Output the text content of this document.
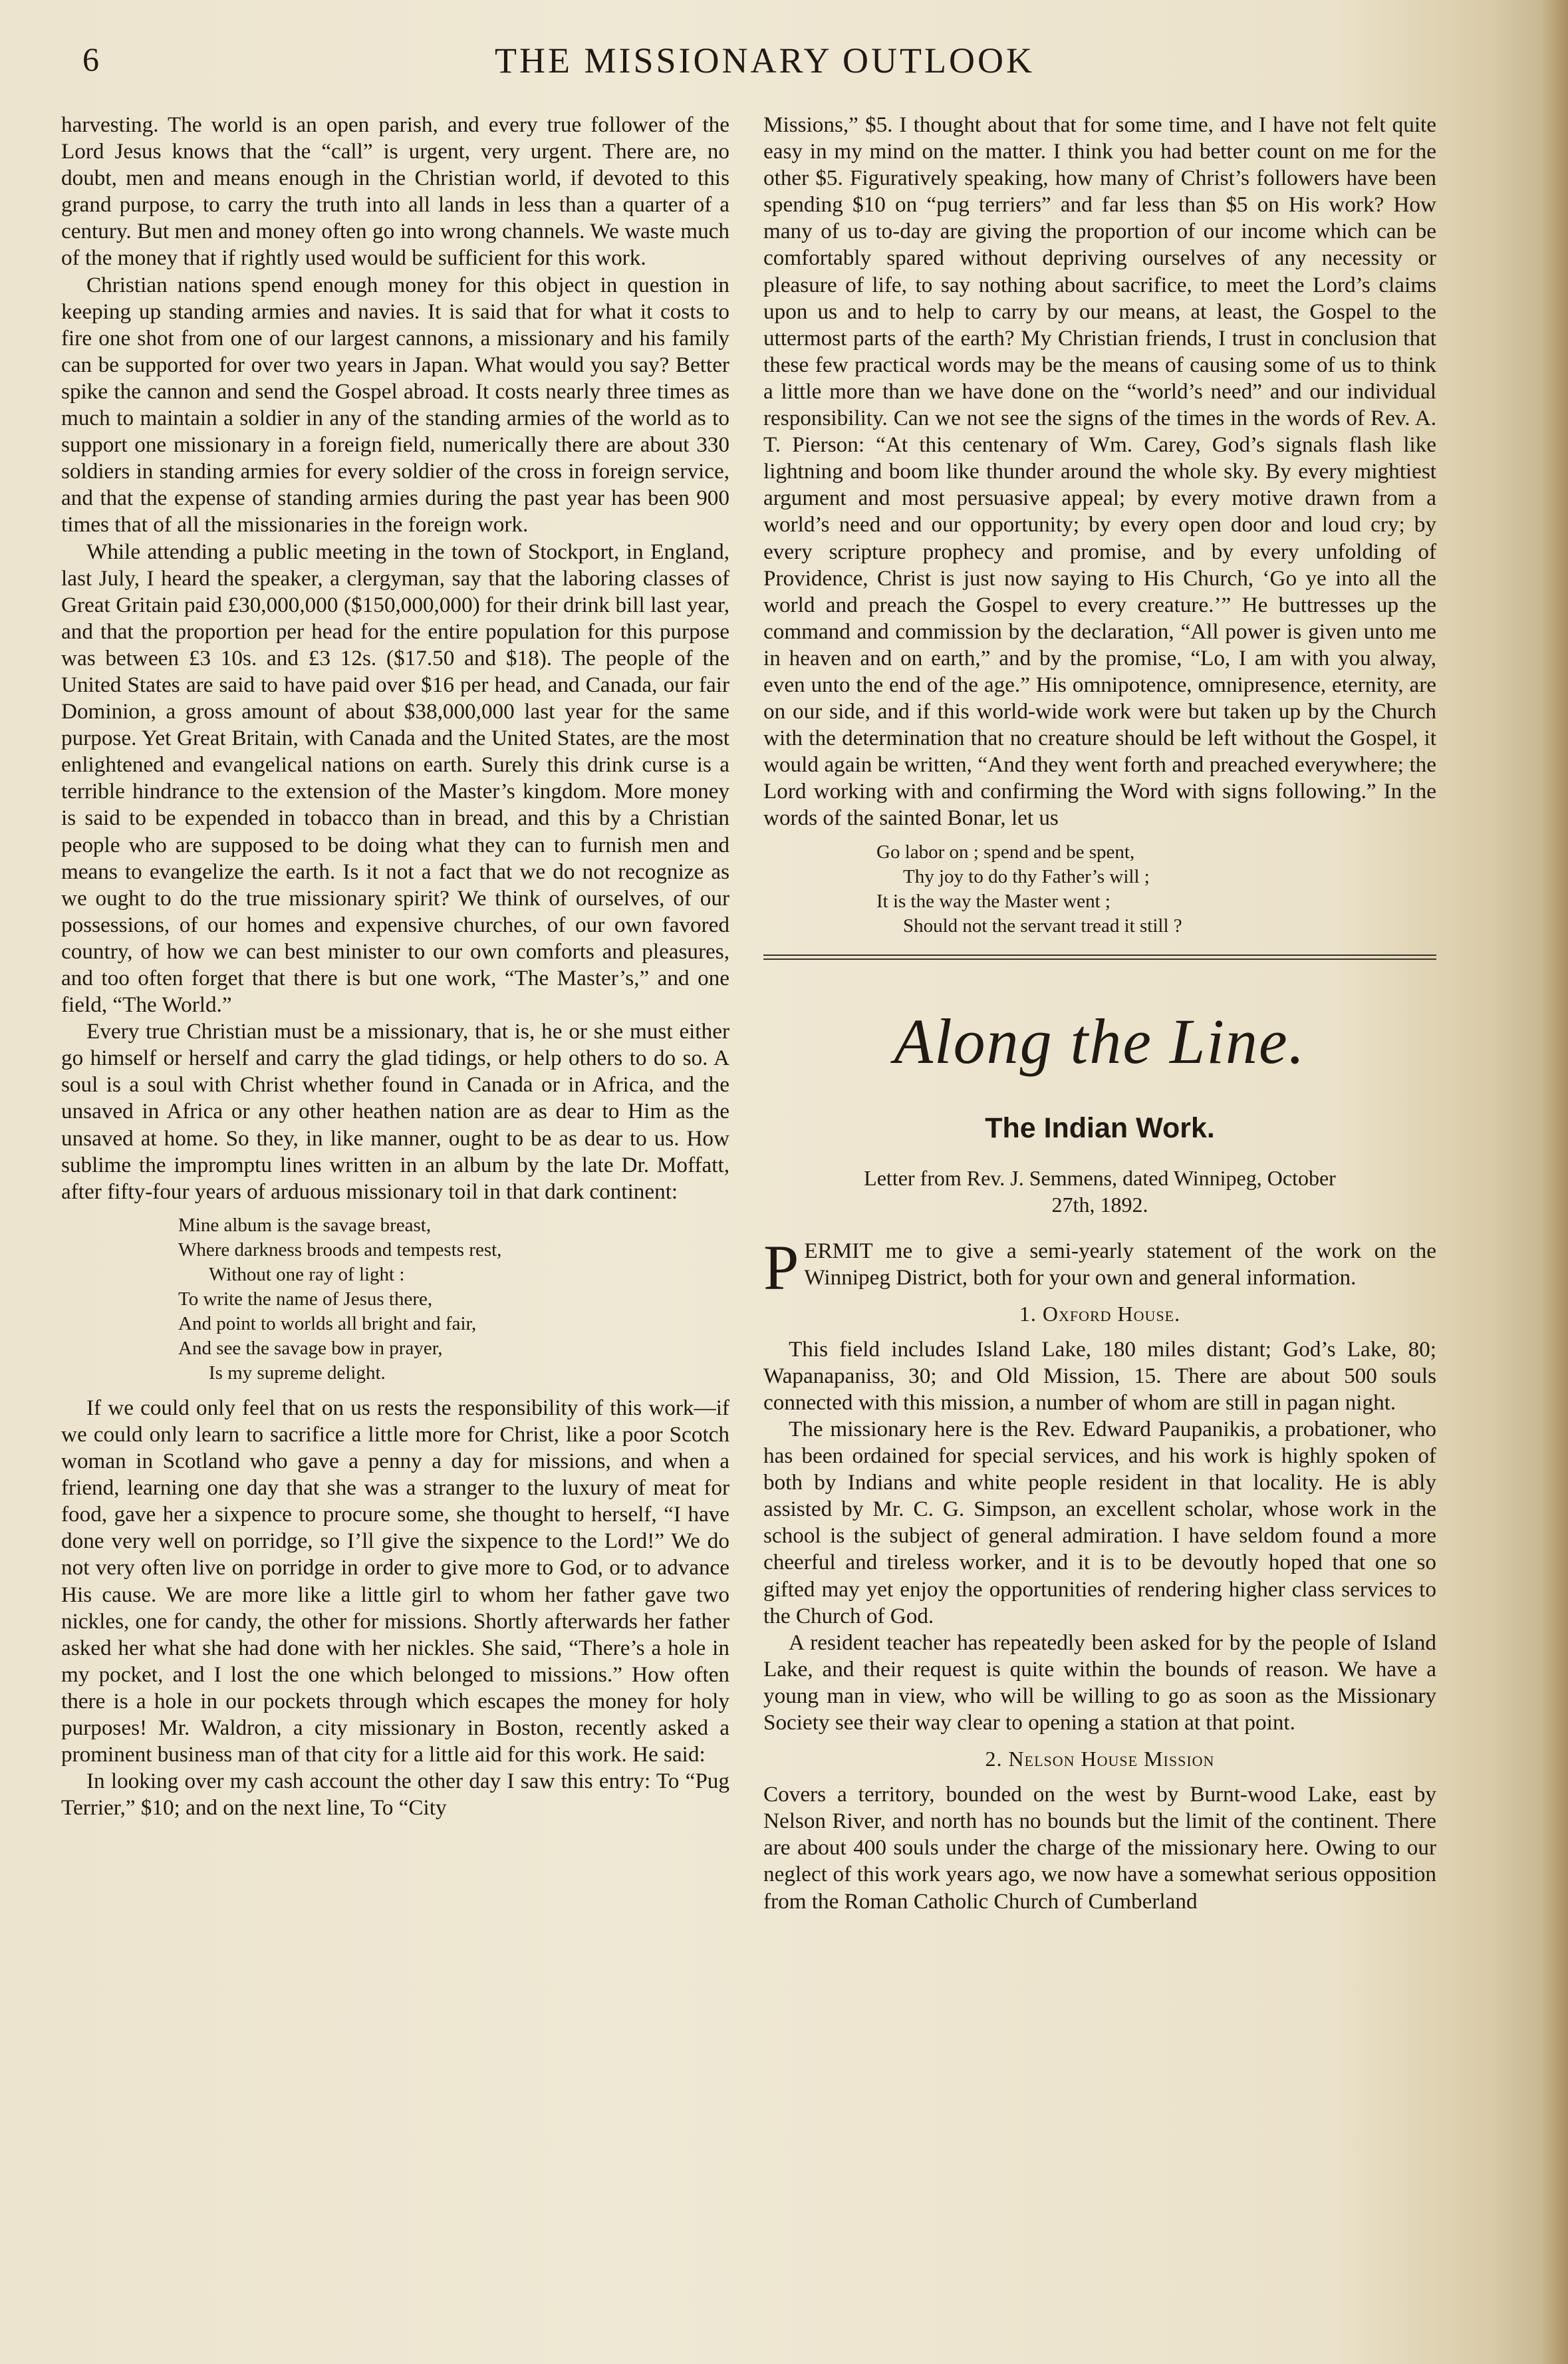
6	THE MISSIONARY OUTLOOK

harvesting. The world is an open parish, and every true follower of the Lord Jesus knows that the “call” is urgent, very urgent. There are, no doubt, men and means enough in the Christian world, if devoted to this grand purpose, to carry the truth into all lands in less than a quarter of a century. But men and money often go into wrong channels. We waste much of the money that if rightly used would be sufficient for this work.

Christian nations spend enough money for this object in question in keeping up standing armies and navies. It is said that for what it costs to fire one shot from one of our largest cannons, a missionary and his family can be supported for over two years in Japan. What would you say? Better spike the cannon and send the Gospel abroad. It costs nearly three times as much to maintain a soldier in any of the standing armies of the world as to support one missionary in a foreign field, numerically there are about 330 soldiers in standing armies for every soldier of the cross in foreign service, and that the expense of standing armies during the past year has been 900 times that of all the missionaries in the foreign work.

While attending a public meeting in the town of Stockport, in England, last July, I heard the speaker, a clergyman, say that the laboring classes of Great Gritain paid £30,000,000 ($150,000,000) for their drink bill last year, and that the proportion per head for the entire population for this purpose was between £3 10s. and £3 12s. ($17.50 and $18). The people of the United States are said to have paid over $16 per head, and Canada, our fair Dominion, a gross amount of about $38,000,000 last year for the same purpose. Yet Great Britain, with Canada and the United States, are the most enlightened and evangelical nations on earth. Surely this drink curse is a terrible hindrance to the extension of the Master’s kingdom. More money is said to be expended in tobacco than in bread, and this by a Christian people who are supposed to be doing what they can to furnish men and means to evangelize the earth. Is it not a fact that we do not recognize as we ought to do the true missionary spirit? We think of ourselves, of our possessions, of our homes and expensive churches, of our own favored country, of how we can best minister to our own comforts and pleasures, and too often forget that there is but one work, “The Master’s,” and one field, “The World.”

Every true Christian must be a missionary, that is, he or she must either go himself or herself and carry the glad tidings, or help others to do so. A soul is a soul with Christ whether found in Canada or in Africa, and the unsaved in Africa or any other heathen nation are as dear to Him as the unsaved at home. So they, in like manner, ought to be as dear to us. How sublime the impromptu lines written in an album by the late Dr. Moffatt, after fifty-four years of arduous missionary toil in that dark continent:

Mine album is the savage breast,
Where darkness broods and tempests rest,
Without one ray of light :
To write the name of Jesus there,
And point to worlds all bright and fair,
And see the savage bow in prayer,
Is my supreme delight.

If we could only feel that on us rests the responsibility of this work—if we could only learn to sacrifice a little more for Christ, like a poor Scotch woman in Scotland who gave a penny a day for missions, and when a friend, learning one day that she was a stranger to the luxury of meat for food, gave her a sixpence to procure some, she thought to herself, “I have done very well on porridge, so I’ll give the sixpence to the Lord!” We do not very often live on porridge in order to give more to God, or to advance His cause. We are more like a little girl to whom her father gave two nickles, one for candy, the other for missions. Shortly afterwards her father asked her what she had done with her nickles. She said, “There’s a hole in my pocket, and I lost the one which belonged to missions.” How often there is a hole in our pockets through which escapes the money for holy purposes! Mr. Waldron, a city missionary in Boston, recently asked a prominent business man of that city for a little aid for this work. He said:

In looking over my cash account the other day I saw this entry: To “Pug Terrier,” $10; and on the next line, To “City

Missions,” $5. I thought about that for some time, and I have not felt quite easy in my mind on the matter. I think you had better count on me for the other $5. Figuratively speaking, how many of Christ’s followers have been spending $10 on “pug terriers” and far less than $5 on His work? How many of us to-day are giving the proportion of our income which can be comfortably spared without depriving ourselves of any necessity or pleasure of life, to say nothing about sacrifice, to meet the Lord’s claims upon us and to help to carry by our means, at least, the Gospel to the uttermost parts of the earth? My Christian friends, I trust in conclusion that these few practical words may be the means of causing some of us to think a little more than we have done on the “world’s need” and our individual responsibility. Can we not see the signs of the times in the words of Rev. A. T. Pierson: “At this centenary of Wm. Carey, God’s signals flash like lightning and boom like thunder around the whole sky. By every mightiest argument and most persuasive appeal; by every motive drawn from a world’s need and our opportunity; by every open door and loud cry; by every scripture prophecy and promise, and by every unfolding of Providence, Christ is just now saying to His Church, ‘Go ye into all the world and preach the Gospel to every creature.’” He buttresses up the command and commission by the declaration, “All power is given unto me in heaven and on earth,” and by the promise, “Lo, I am with you alway, even unto the end of the age.” His omnipotence, omnipresence, eternity, are on our side, and if this world-wide work were but taken up by the Church with the determination that no creature should be left without the Gospel, it would again be written, “And they went forth and preached everywhere; the Lord working with and confirming the Word with signs following.” In the words of the sainted Bonar, let us

Go labor on ; spend and be spent,
Thy joy to do thy Father’s will ;
It is the way the Master went ;
Should not the servant tread it still ?
Along the Line.
The Indian Work.
Letter from Rev. J. Semmens, dated Winnipeg, October
27th, 1892.

PERMIT me to give a semi-yearly statement of the work on the Winnipeg District, both for your own and general information.

1. Oxford House.

This field includes Island Lake, 180 miles distant; God’s Lake, 80; Wapanapaniss, 30; and Old Mission, 15. There are about 500 souls connected with this mission, a number of whom are still in pagan night.

The missionary here is the Rev. Edward Paupanikis, a probationer, who has been ordained for special services, and his work is highly spoken of both by Indians and white people resident in that locality. He is ably assisted by Mr. C. G. Simpson, an excellent scholar, whose work in the school is the subject of general admiration. I have seldom found a more cheerful and tireless worker, and it is to be devoutly hoped that one so gifted may yet enjoy the opportunities of rendering higher class services to the Church of God.

A resident teacher has repeatedly been asked for by the people of Island Lake, and their request is quite within the bounds of reason. We have a young man in view, who will be willing to go as soon as the Missionary Society see their way clear to opening a station at that point.

2. Nelson House Mission

Covers a territory, bounded on the west by Burnt-wood Lake, east by Nelson River, and north has no bounds but the limit of the continent. There are about 400 souls under the charge of the missionary here. Owing to our neglect of this work years ago, we now have a somewhat serious opposition from the Roman Catholic Church of Cumberland
